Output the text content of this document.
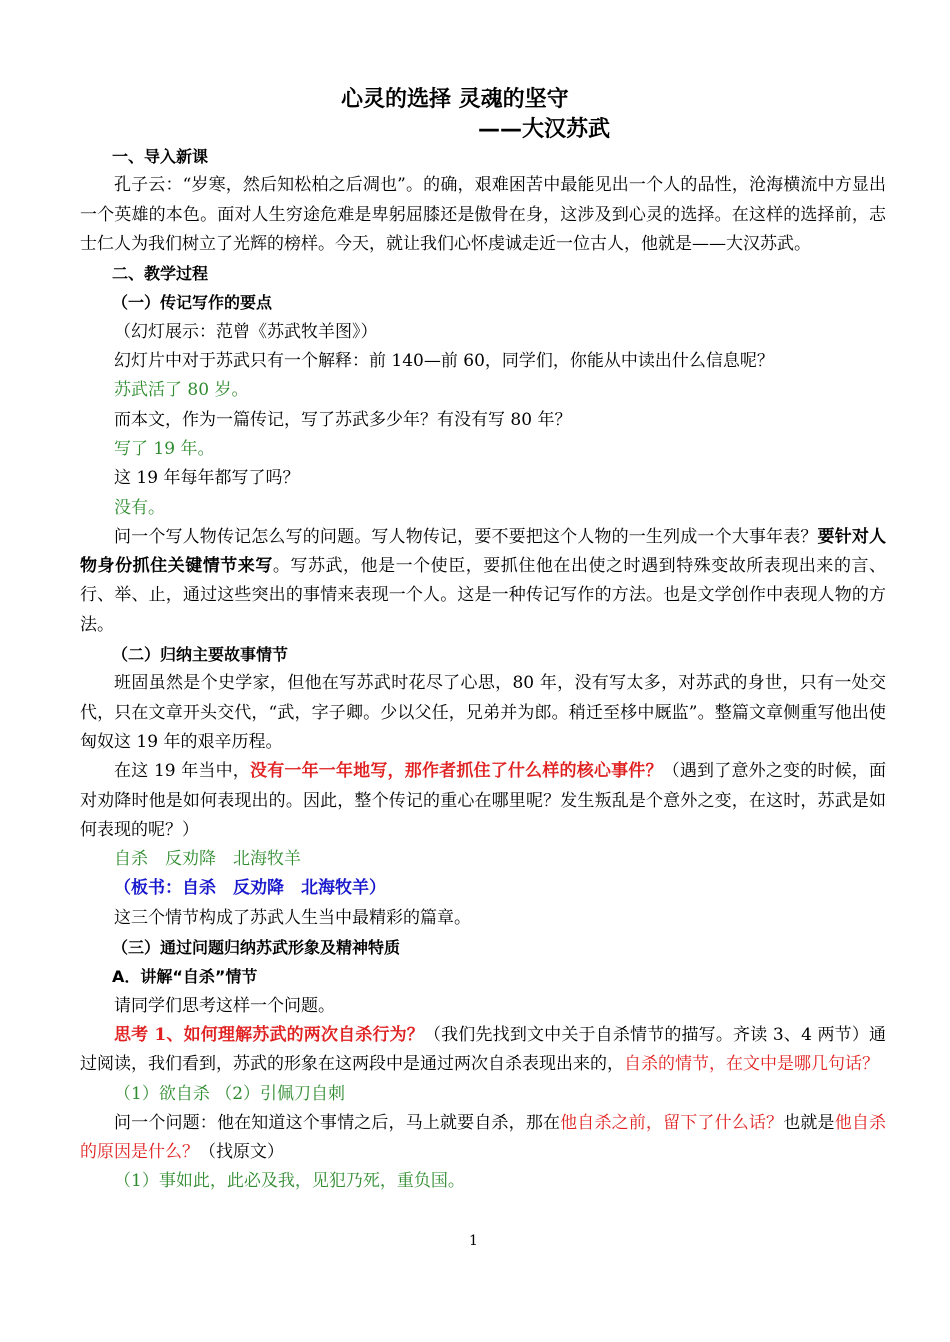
心灵的选择 灵魂的坚守
——大汉苏武

一、导入新课

孔子云：“岁寒，然后知松柏之后凋也”。的确，艰难困苦中最能见出一个人的品性，沧海横流中方显出一个英雄的本色。面对人生穷途危难是卑躬屈膝还是傲骨在身，这涉及到心灵的选择。在这样的选择前，志士仁人为我们树立了光辉的榜样。今天，就让我们心怀虔诚走近一位古人，他就是——大汉苏武。

二、教学过程

（一）传记写作的要点

（幻灯展示：范曾《苏武牧羊图》）

幻灯片中对于苏武只有一个解释：前 140—前 60，同学们，你能从中读出什么信息呢？

苏武活了 80 岁。

而本文，作为一篇传记，写了苏武多少年？有没有写 80 年？

写了 19 年。

这 19 年每年都写了吗？

没有。

问一个写人物传记怎么写的问题。写人物传记，要不要把这个人物的一生列成一个大事年表？要针对人物身份抓住关键情节来写。写苏武，他是一个使臣，要抓住他在出使之时遇到特殊变故所表现出来的言、行、举、止，通过这些突出的事情来表现一个人。这是一种传记写作的方法。也是文学创作中表现人物的方法。

（二）归纳主要故事情节

班固虽然是个史学家，但他在写苏武时花尽了心思，80 年，没有写太多，对苏武的身世，只有一处交代，只在文章开头交代，“武，字子卿。少以父任，兄弟并为郎。稍迁至栘中厩监”。整篇文章侧重写他出使匈奴这 19 年的艰辛历程。

在这 19 年当中，没有一年一年地写，那作者抓住了什么样的核心事件？（遇到了意外之变的时候，面对劝降时他是如何表现出的。因此，整个传记的重心在哪里呢？发生叛乱是个意外之变，在这时，苏武是如何表现的呢？）

自杀　反劝降　北海牧羊

（板书：自杀　反劝降　北海牧羊）

这三个情节构成了苏武人生当中最精彩的篇章。

（三）通过问题归纳苏武形象及精神特质

A．讲解“自杀”情节

请同学们思考这样一个问题。

思考 1、如何理解苏武的两次自杀行为？（我们先找到文中关于自杀情节的描写。齐读 3、4 两节）通过阅读，我们看到，苏武的形象在这两段中是通过两次自杀表现出来的，自杀的情节，在文中是哪几句话？

（1）欲自杀 （2）引佩刀自刺

问一个问题：他在知道这个事情之后，马上就要自杀，那在他自杀之前，留下了什么话？也就是他自杀的原因是什么？（找原文）

（1）事如此，此必及我，见犯乃死，重负国。

1
